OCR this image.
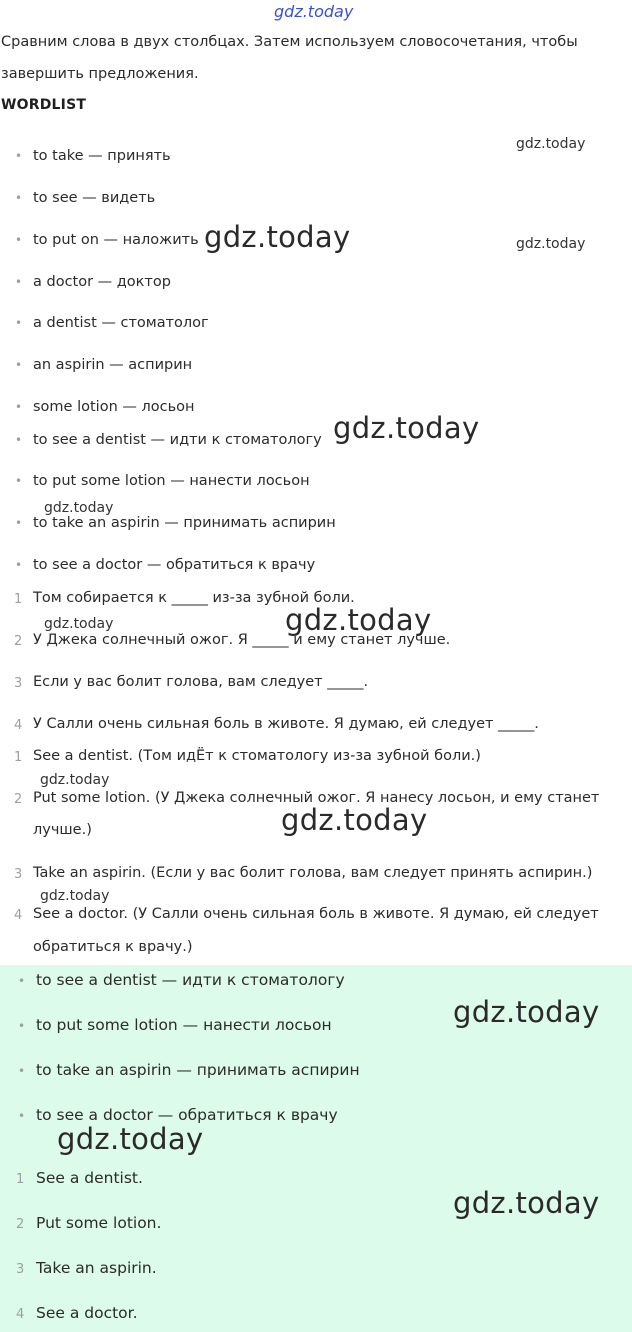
gdz.today
Сравним слова в двух столбцах. Затем используем словосочетания, чтобы
завершить предложения.
WORDLIST
• to take — принять
• to see — видеть
• to put on — наложить
• a doctor — доктор
• a dentist — стоматолог
• an aspirin — аспирин
• some lotion — лосьон
• to see a dentist — идти к стоматологу
• to put some lotion — нанести лосьон
• to take an aspirin — принимать аспирин
• to see a doctor — обратиться к врачу
1 Том собирается к _____ из-за зубной боли.
2 У Джека солнечный ожог. Я _____ и ему станет лучше.
3 Если у вас болит голова, вам следует _____.
4 У Салли очень сильная боль в животе. Я думаю, ей следует _____.
1 See a dentist. (Том идЁт к стоматологу из-за зубной боли.)
2 Put some lotion. (У Джека солнечный ожог. Я нанесу лосьон, и ему станет
лучше.)
3 Take an aspirin. (Если у вас болит голова, вам следует принять аспирин.)
4 See a doctor. (У Салли очень сильная боль в животе. Я думаю, ей следует
обратиться к врачу.)
• to see a dentist — идти к стоматологу
• to put some lotion — нанести лосьон
• to take an aspirin — принимать аспирин
• to see a doctor — обратиться к врачу
1 See a dentist.
2 Put some lotion.
3 Take an aspirin.
4 See a doctor.
gdz.today
gdz.today
gdz.today
gdz.today
gdz.today
gdz.today
gdz.today
gdz.today
gdz.today
gdz.today
gdz.today
gdz.today
gdz.today
